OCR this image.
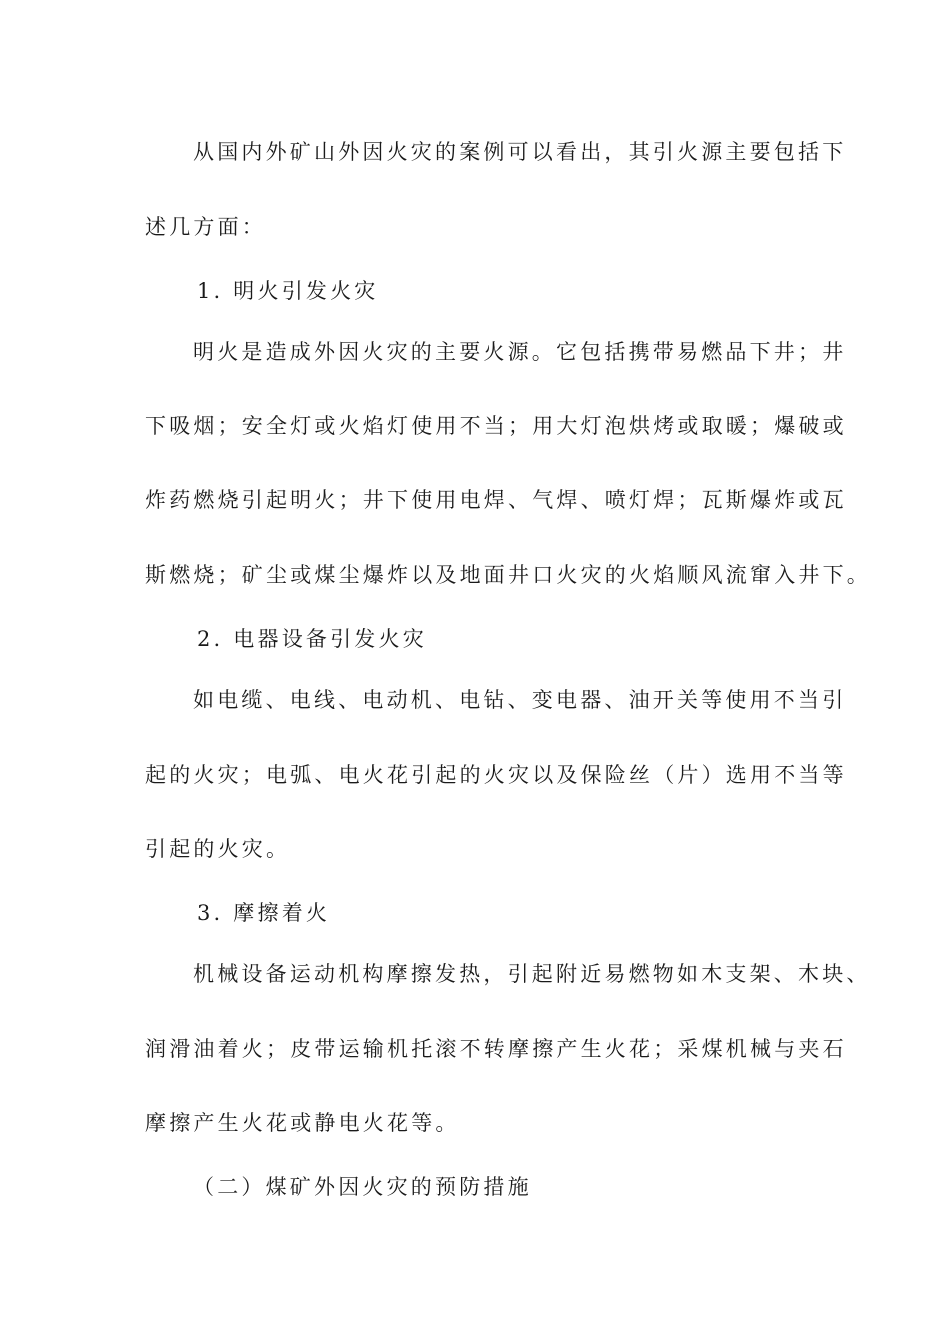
从国内外矿山外因火灾的案例可以看出，其引火源主要包括下
述几方面：
1. 明火引发火灾
明火是造成外因火灾的主要火源。它包括携带易燃品下井；井
下吸烟；安全灯或火焰灯使用不当；用大灯泡烘烤或取暖；爆破或
炸药燃烧引起明火；井下使用电焊、气焊、喷灯焊；瓦斯爆炸或瓦
斯燃烧；矿尘或煤尘爆炸以及地面井口火灾的火焰顺风流窜入井下。
2. 电器设备引发火灾
如电缆、电线、电动机、电钻、变电器、油开关等使用不当引
起的火灾；电弧、电火花引起的火灾以及保险丝（片）选用不当等
引起的火灾。
3. 摩擦着火
机械设备运动机构摩擦发热，引起附近易燃物如木支架、木块、
润滑油着火；皮带运输机托滚不转摩擦产生火花；采煤机械与夹石
摩擦产生火花或静电火花等。
（二）煤矿外因火灾的预防措施
